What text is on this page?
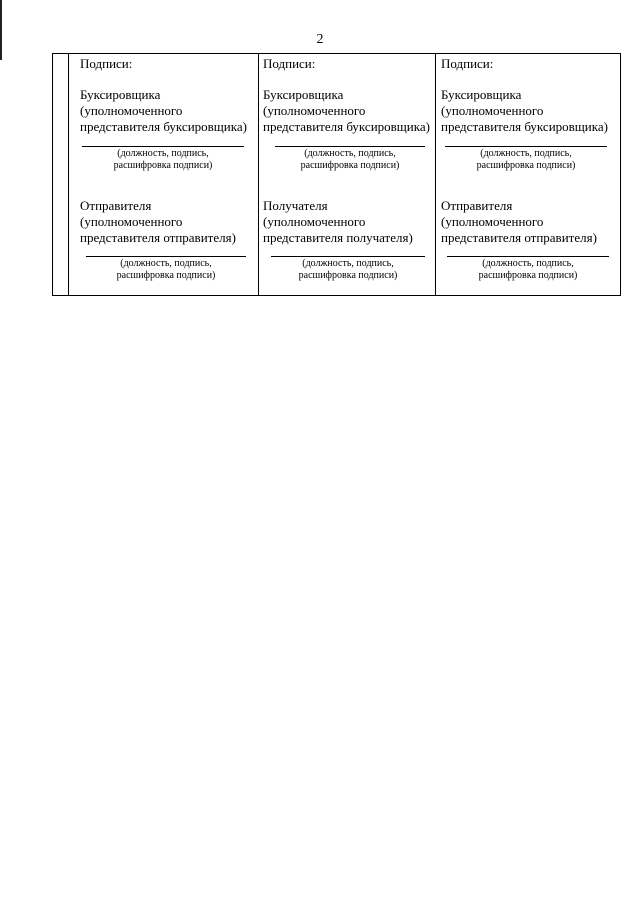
2
Подписи:
Буксировщика
(уполномоченного
представителя буксировщика)
(должность, подпись,
расшифровка подписи)
Отправителя
(уполномоченного
представителя отправителя)
(должность, подпись,
расшифровка подписи)
Подписи:
Буксировщика
(уполномоченного
представителя буксировщика)
(должность, подпись,
расшифровка подписи)
Получателя
(уполномоченного
представителя получателя)
(должность, подпись,
расшифровка подписи)
Подписи:
Буксировщика
(уполномоченного
представителя буксировщика)
(должность, подпись,
расшифровка подписи)
Отправителя
(уполномоченного
представителя отправителя)
(должность, подпись,
расшифровка подписи)
